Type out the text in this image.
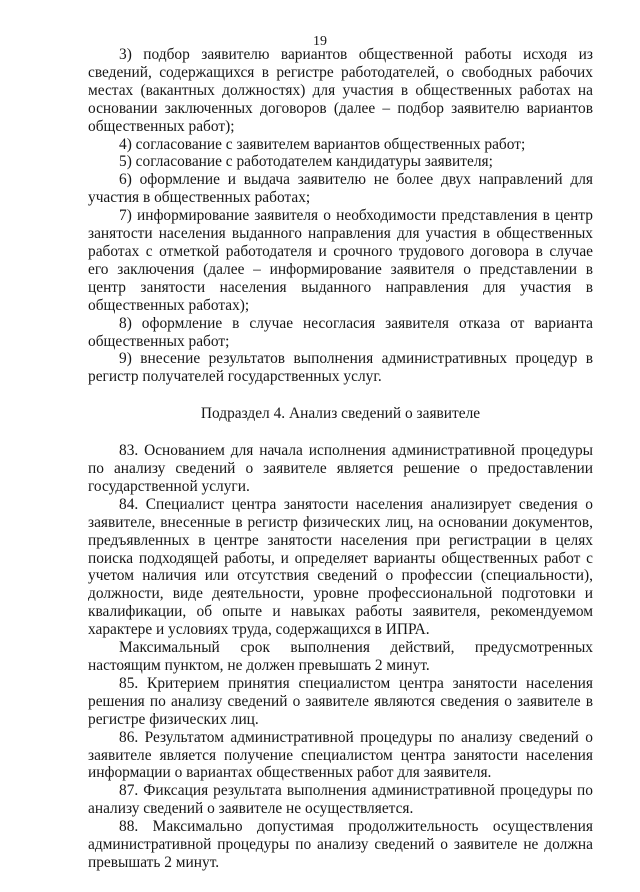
19

3) подбор заявителю вариантов общественной работы исходя из сведений, содержащихся в регистре работодателей, о свободных рабочих местах (вакантных должностях) для участия в общественных работах на основании заключенных договоров (далее – подбор заявителю вариантов общественных работ);

4) согласование с заявителем вариантов общественных работ;

5) согласование с работодателем кандидатуры заявителя;

6) оформление и выдача заявителю не более двух направлений для участия в общественных работах;

7) информирование заявителя о необходимости представления в центр занятости населения выданного направления для участия в общественных работах с отметкой работодателя и срочного трудового договора в случае его заключения (далее – информирование заявителя о представлении в центр занятости населения выданного направления для участия в общественных работах);

8) оформление в случае несогласия заявителя отказа от варианта общественных работ;

9) внесение результатов выполнения административных процедур в регистр получателей государственных услуг.

Подраздел 4. Анализ сведений о заявителе

83. Основанием для начала исполнения административной процедуры по анализу сведений о заявителе является решение о предоставлении государственной услуги.

84. Специалист центра занятости населения анализирует сведения о заявителе, внесенные в регистр физических лиц, на основании документов, предъявленных в центре занятости населения при регистрации в целях поиска подходящей работы, и определяет варианты общественных работ с учетом наличия или отсутствия сведений о профессии (специальности), должности, виде деятельности, уровне профессиональной подготовки и квалификации, об опыте и навыках работы заявителя, рекомендуемом характере и условиях труда, содержащихся в ИПРА.

Максимальный срок выполнения действий, предусмотренных настоящим пунктом, не должен превышать 2 минут.

85. Критерием принятия специалистом центра занятости населения решения по анализу сведений о заявителе являются сведения о заявителе в регистре физических лиц.

86. Результатом административной процедуры по анализу сведений о заявителе является получение специалистом центра занятости населения информации о вариантах общественных работ для заявителя.

87. Фиксация результата выполнения административной процедуры по анализу сведений о заявителе не осуществляется.

88. Максимально допустимая продолжительность осуществления административной процедуры по анализу сведений о заявителе не должна превышать 2 минут.
